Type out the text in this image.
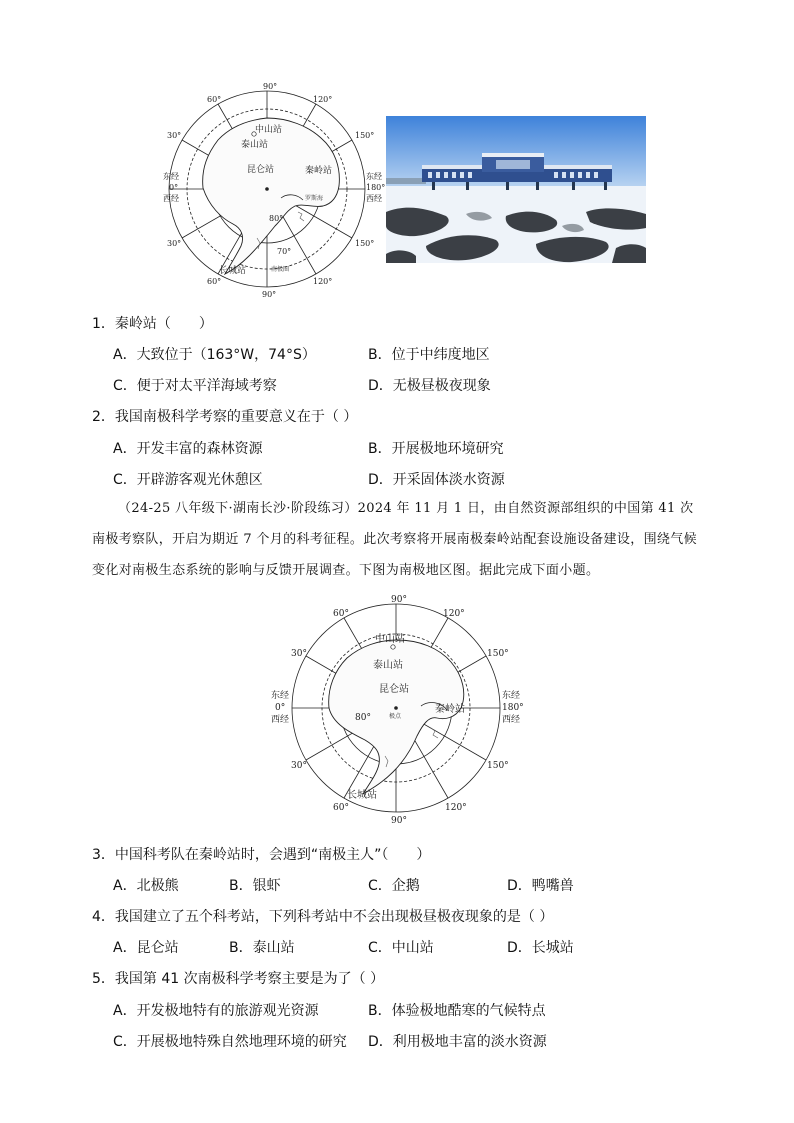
90°
60°	120°
30°	150°
东经
0°
西经
东经
180°
西经
30°	150°
60°	120°
90°
80°
70°
中山站
泰山站
昆仑站	秦岭站
长城站
罗斯海
南极圈
1．秦岭站（　　）
A．大致位于（163°W，74°S）	B．位于中纬度地区
C．便于对太平洋海域考察	D．无极昼极夜现象
2．我国南极科学考察的重要意义在于（ ）
A．开发丰富的森林资源	B．开展极地环境研究
C．开辟游客观光休憩区	D．开采固体淡水资源
（24-25 八年级下·湖南长沙·阶段练习）2024 年 11 月 1 日，由自然资源部组织的中国第 41 次南极考察队，开启为期近 7 个月的科考征程。此次考察将开展南极秦岭站配套设施设备建设，围绕气候变化对南极生态系统的影响与反馈开展调查。下图为南极地区图。据此完成下面小题。
90°
60°	120°
30°	150°
东经
0°
西经
东经
180°
西经
30°	150°
60°	120°
90°
80°	极点
中山站
泰山站
昆仑站
秦岭站
长城站
3．中国科考队在秦岭站时，会遇到“南极主人”（　　）
A．北极熊	B．银虾	C．企鹅	D．鸭嘴兽
4．我国建立了五个科考站，下列科考站中不会出现极昼极夜现象的是（ ）
A．昆仑站	B．泰山站	C．中山站	D．长城站
5．我国第 41 次南极科学考察主要是为了（ ）
A．开发极地特有的旅游观光资源	B．体验极地酷寒的气候特点
C．开展极地特殊自然地理环境的研究 D．利用极地丰富的淡水资源
